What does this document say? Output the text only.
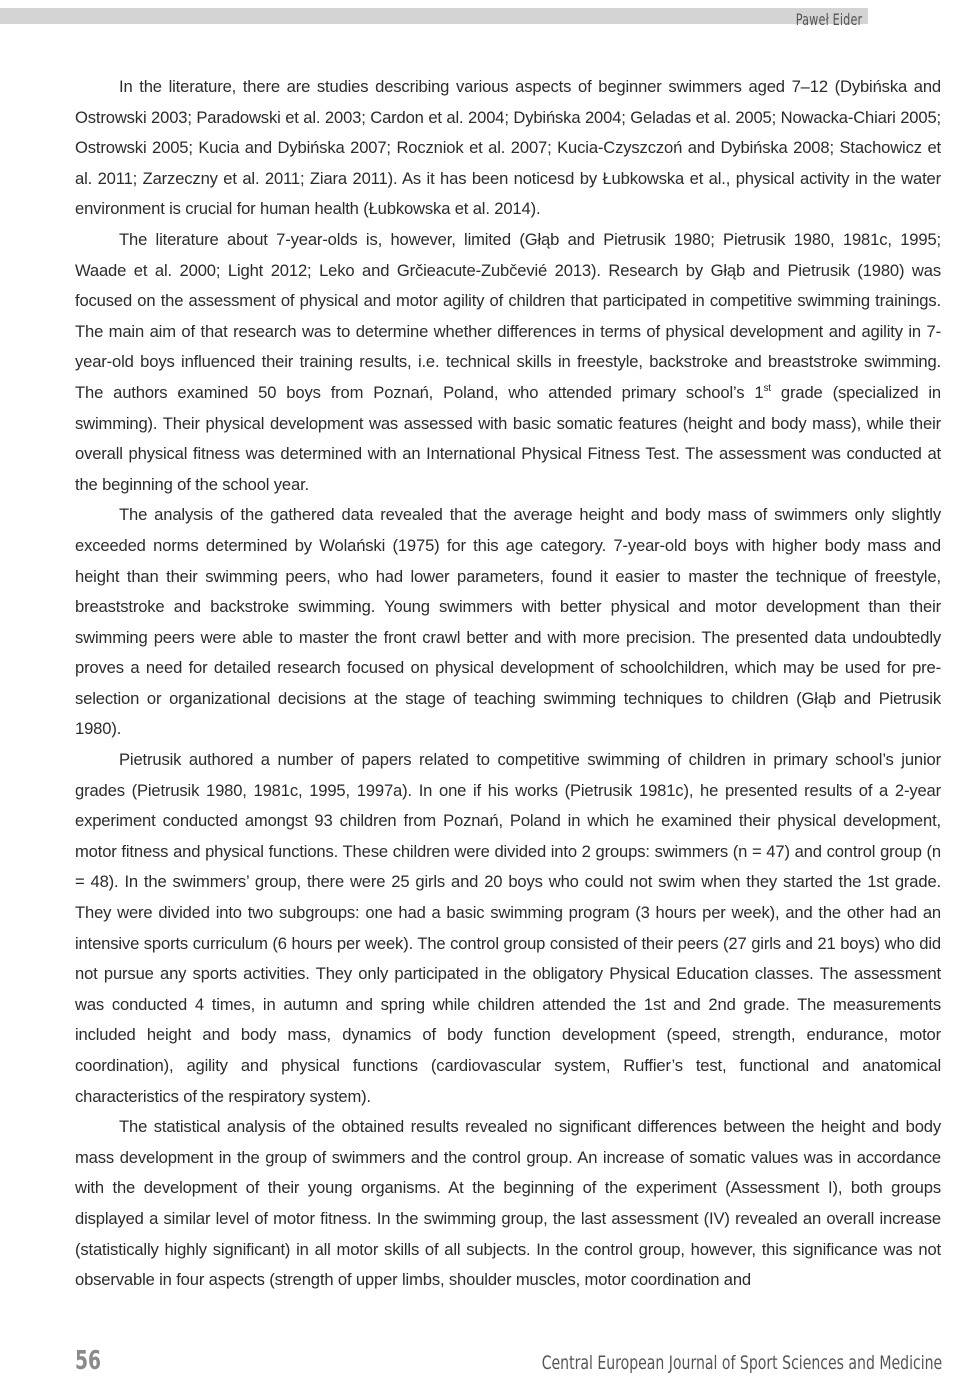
Paweł Eider

In the literature, there are studies describing various aspects of beginner swimmers aged 7–12 (Dybińska and Ostrowski 2003; Paradowski et al. 2003; Cardon et al. 2004; Dybińska 2004; Geladas et al. 2005; Nowacka-Chiari 2005; Ostrowski 2005; Kucia and Dybińska 2007; Roczniok et al. 2007; Kucia-Czyszczoń and Dybińska 2008; Stachowicz et al. 2011; Zarzeczny et al. 2011; Ziara 2011). As it has been noticesd by Łubkowska et al., physical activity in the water environment is crucial for human health (Łubkowska et al. 2014).

The literature about 7-year-olds is, however, limited (Głąb and Pietrusik 1980; Pietrusik 1980, 1981c, 1995; Waade et al. 2000; Light 2012; Leko and Grčieacute-Zubčevié 2013). Research by Głąb and Pietrusik (1980) was focused on the assessment of physical and motor agility of children that participated in competitive swimming trainings. The main aim of that research was to determine whether differences in terms of physical development and agility in 7-year-old boys influenced their training results, i.e. technical skills in freestyle, backstroke and breaststroke swimming. The authors examined 50 boys from Poznań, Poland, who attended primary school’s 1st grade (specialized in swimming). Their physical development was assessed with basic somatic features (height and body mass), while their overall physical fitness was determined with an International Physical Fitness Test. The assessment was conducted at the beginning of the school year.

The analysis of the gathered data revealed that the average height and body mass of swimmers only slightly exceeded norms determined by Wolański (1975) for this age category. 7-year-old boys with higher body mass and height than their swimming peers, who had lower parameters, found it easier to master the technique of freestyle, breaststroke and backstroke swimming. Young swimmers with better physical and motor development than their swimming peers were able to master the front crawl better and with more precision. The presented data undoubtedly proves a need for detailed research focused on physical development of schoolchildren, which may be used for pre-selection or organizational decisions at the stage of teaching swimming techniques to children (Głąb and Pietrusik 1980).

Pietrusik authored a number of papers related to competitive swimming of children in primary school’s junior grades (Pietrusik 1980, 1981c, 1995, 1997a). In one if his works (Pietrusik 1981c), he presented results of a 2-year experiment conducted amongst 93 children from Poznań, Poland in which he examined their physical development, motor fitness and physical functions. These children were divided into 2 groups: swimmers (n = 47) and control group (n = 48). In the swimmers’ group, there were 25 girls and 20 boys who could not swim when they started the 1st grade. They were divided into two subgroups: one had a basic swimming program (3 hours per week), and the other had an intensive sports curriculum (6 hours per week). The control group consisted of their peers (27 girls and 21 boys) who did not pursue any sports activities. They only participated in the obligatory Physical Education classes. The assessment was conducted 4 times, in autumn and spring while children attended the 1st and 2nd grade. The measurements included height and body mass, dynamics of body function development (speed, strength, endurance, motor coordination), agility and physical functions (cardiovascular system, Ruffier’s test, functional and anatomical characteristics of the respiratory system).

The statistical analysis of the obtained results revealed no significant differences between the height and body mass development in the group of swimmers and the control group. An increase of somatic values was in accordance with the development of their young organisms. At the beginning of the experiment (Assessment I), both groups displayed a similar level of motor fitness. In the swimming group, the last assessment (IV) revealed an overall increase (statistically highly significant) in all motor skills of all subjects. In the control group, however, this significance was not observable in four aspects (strength of upper limbs, shoulder muscles, motor coordination and

56	Central European Journal of Sport Sciences and Medicine
